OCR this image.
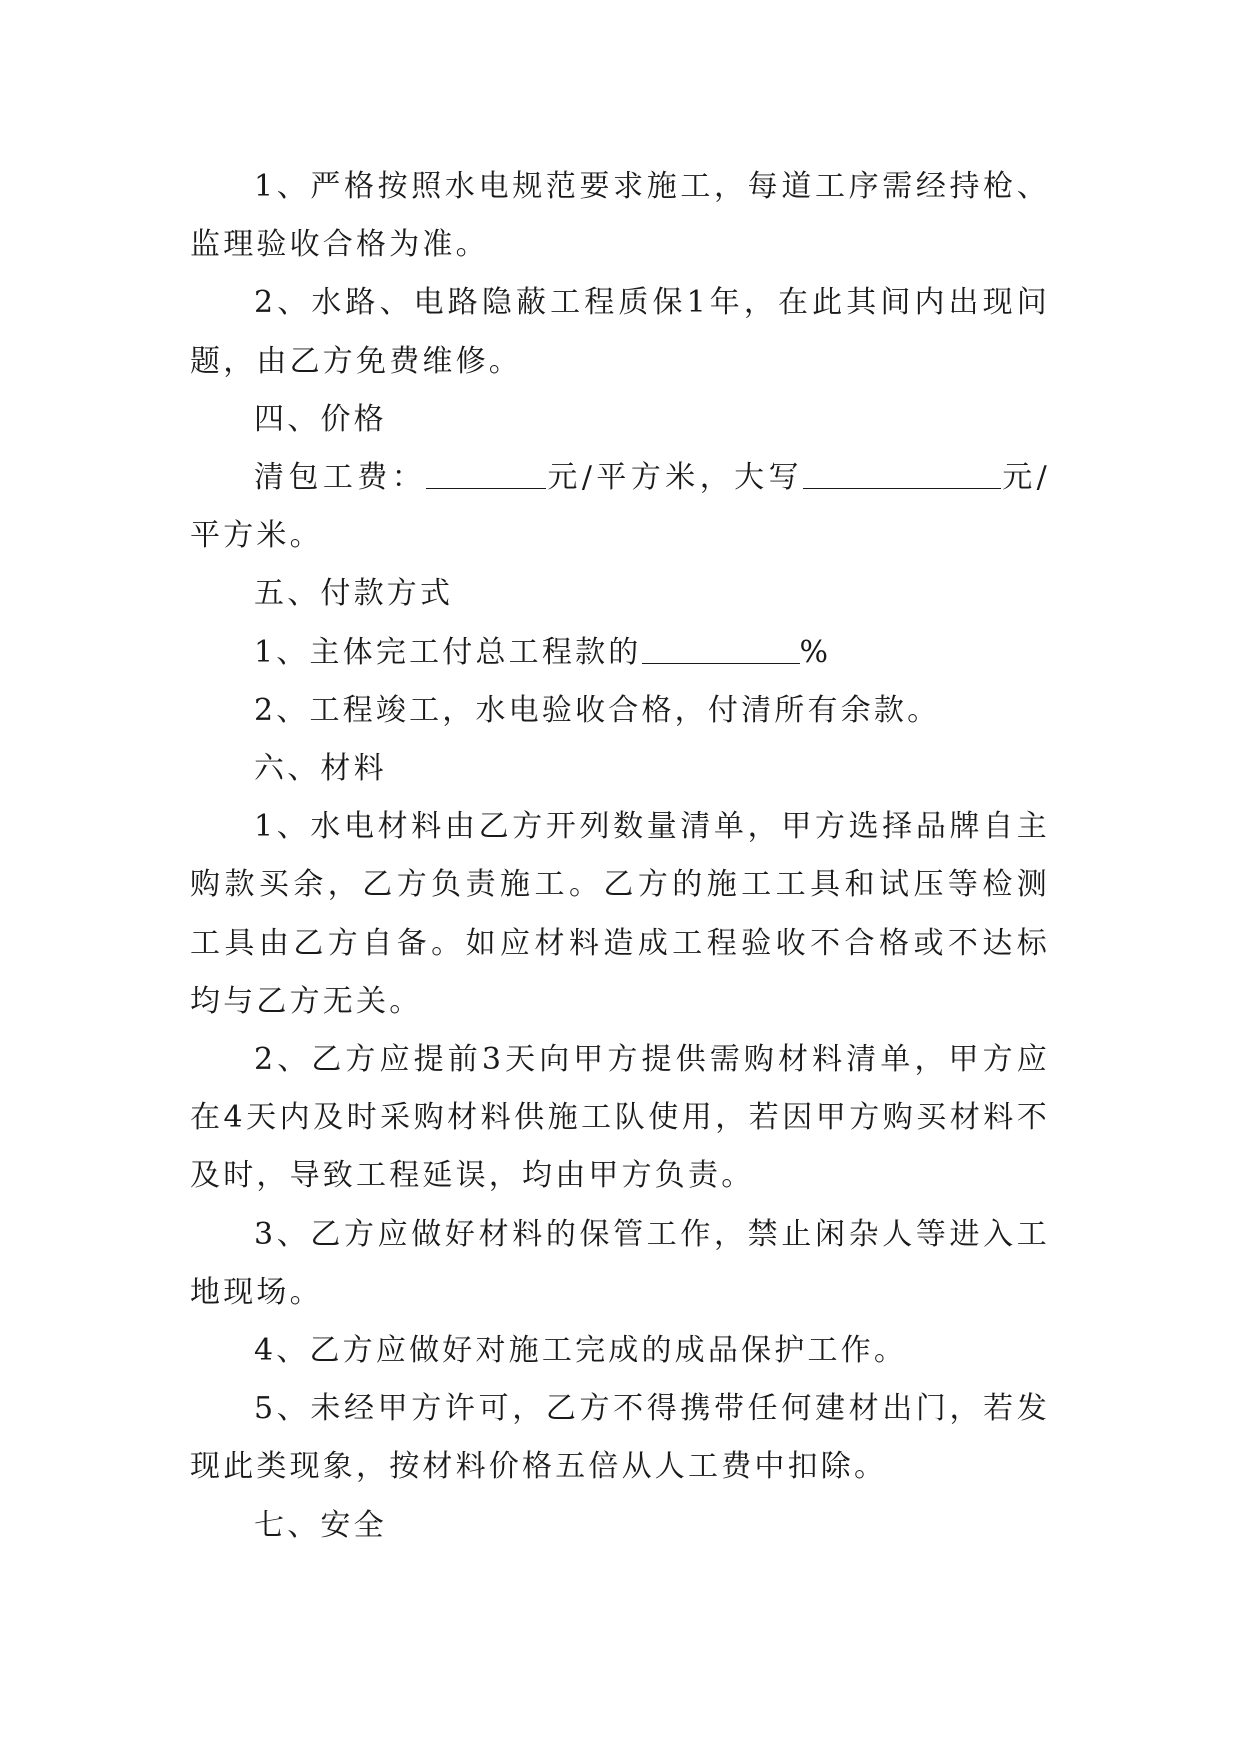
1、严格按照水电规范要求施工，每道工序需经持枪、监理验收合格为准。

2、水路、电路隐蔽工程质保1年，在此其间内出现问题，由乙方免费维修。

四、价格

清包工费：	元/平方米，大写	元/平方米。

五、付款方式

1、主体完工付总工程款的	%

2、工程竣工，水电验收合格，付清所有余款。

六、材料

1、水电材料由乙方开列数量清单，甲方选择品牌自主购款买余，乙方负责施工。乙方的施工工具和试压等检测工具由乙方自备。如应材料造成工程验收不合格或不达标均与乙方无关。

2、乙方应提前3天向甲方提供需购材料清单，甲方应在4天内及时采购材料供施工队使用，若因甲方购买材料不及时，导致工程延误，均由甲方负责。

3、乙方应做好材料的保管工作，禁止闲杂人等进入工地现场。

4、乙方应做好对施工完成的成品保护工作。

5、未经甲方许可，乙方不得携带任何建材出门，若发现此类现象，按材料价格五倍从人工费中扣除。

七、安全
